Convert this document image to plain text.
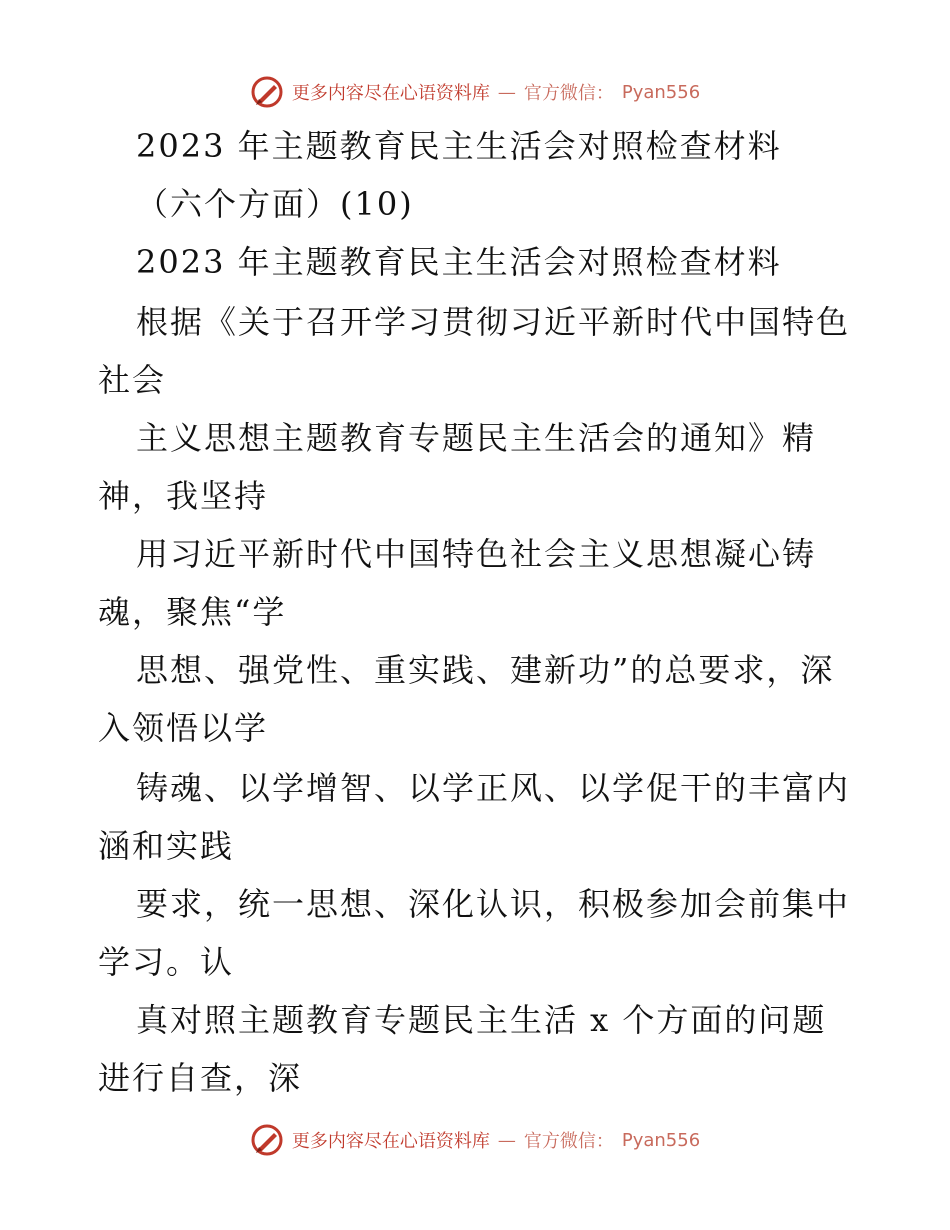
更多内容尽在心语资料库 — 官方微信： Pyan556
2023 年主题教育民主生活会对照检查材料
（六个方面）(10)
2023 年主题教育民主生活会对照检查材料
根据《关于召开学习贯彻习近平新时代中国特色
社会
主义思想主题教育专题民主生活会的通知》精
神，我坚持
用习近平新时代中国特色社会主义思想凝心铸
魂，聚焦“学
思想、强党性、重实践、建新功”的总要求，深
入领悟以学
铸魂、以学增智、以学正风、以学促干的丰富内
涵和实践
要求，统一思想、深化认识，积极参加会前集中
学习。认
真对照主题教育专题民主生活 x 个方面的问题
进行自查，深
更多内容尽在心语资料库 — 官方微信： Pyan556
